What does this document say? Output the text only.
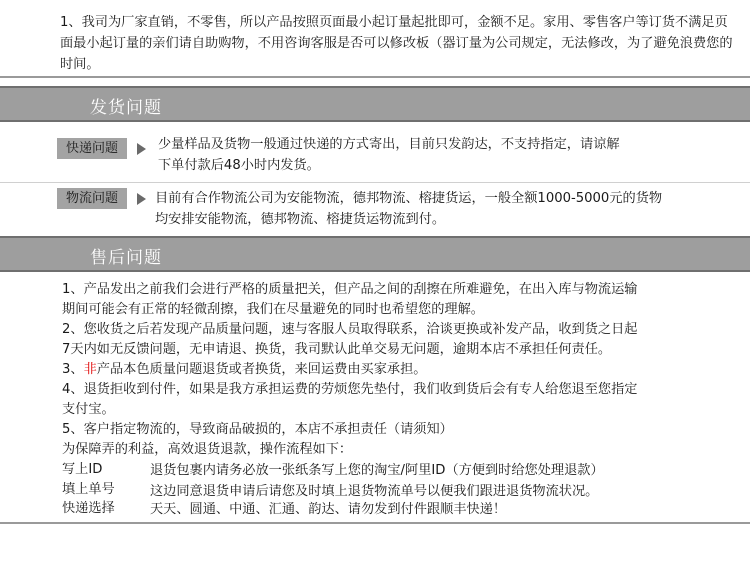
1、我司为厂家直销，不零售，所以产品按照页面最小起订量起批即可，金额不足。家用、零售客户等订货不满足页面最小起订量的亲们请自助购物，不用咨询客服是否可以修改板（器订量为公司规定，无法修改，为了避免浪费您的时间。

发货问题
快递问题	少量样品及货物一般通过快递的方式寄出，目前只发韵达，不支持指定，请谅解

下单付款后48小时内发货。

物流问题	目前有合作物流公司为安能物流，德邦物流、榕捷货运，一般全额1000-5000元的货物

均安排安能物流，德邦物流、榕捷货运物流到付。

售后问题
1、产品发出之前我们会进行严格的质量把关，但产品之间的刮擦在所难避免，在出入库与物流运输
期间可能会有正常的轻微刮擦，我们在尽量避免的同时也希望您的理解。
2、您收货之后若发现产品质量问题，速与客服人员取得联系，洽谈更换或补发产品，收到货之日起
7天内如无反馈问题，无申请退、换货，我司默认此单交易无问题，逾期本店不承担任何责任。
3、非产品本色质量问题退货或者换货，来回运费由买家承担。
4、退货拒收到付件，如果是我方承担运费的劳烦您先垫付，我们收到货后会有专人给您退至您指定
支付宝。
5、客户指定物流的，导致商品破损的，本店不承担责任（请须知）
为保障弄的利益，高效退货退款，操作流程如下：
写上ID	退货包裹内请务必放一张纸条写上您的淘宝/阿里ID（方便到时给您处理退款）
填上单号	这边同意退货申请后请您及时填上退货物流单号以便我们跟进退货物流状况。
快递选择	天天、圆通、中通、汇通、韵达、请勿发到付件跟顺丰快递！
